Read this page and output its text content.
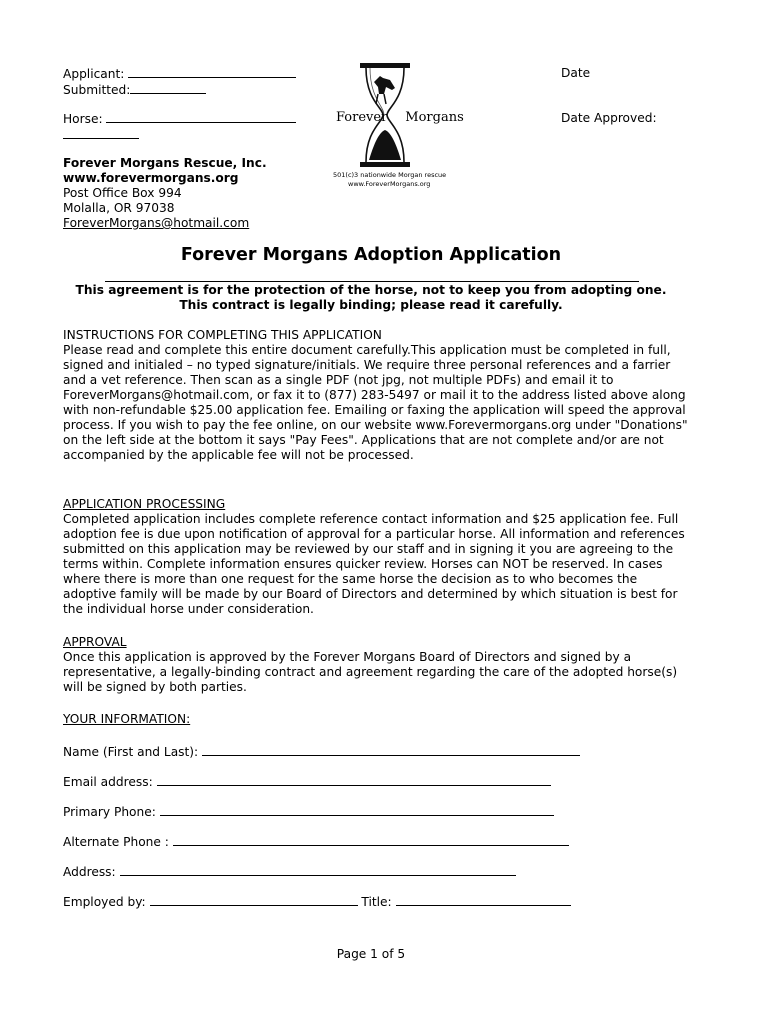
Applicant:
Submitted:
Horse:
Date
Date Approved:
Forever Morgans Rescue, Inc.
www.forevermorgans.org
Post Office Box 994
Molalla, OR 97038
ForeverMorgans@hotmail.com
Forever Morgans
501(c)3 nationwide Morgan rescue
www.ForeverMorgans.org
Forever Morgans Adoption Application
This agreement is for the protection of the horse, not to keep you from adopting one.
This contract is legally binding; please read it carefully.

INSTRUCTIONS FOR COMPLETING THIS APPLICATION

Please read and complete this entire document carefully.This application must be completed in full, signed and initialed – no typed signature/initials. We require three personal references and a farrier and a vet reference. Then scan as a single PDF (not jpg, not multiple PDFs) and email it to ForeverMorgans@hotmail.com, or fax it to (877) 283-5497 or mail it to the address listed above along with non-refundable $25.00 application fee. Emailing or faxing the application will speed the approval process. If you wish to pay the fee online, on our website www.Forevermorgans.org under "Donations" on the left side at the bottom it says "Pay Fees". Applications that are not complete and/or are not accompanied by the applicable fee will not be processed.

APPLICATION PROCESSING

Completed application includes complete reference contact information and $25 application fee. Full adoption fee is due upon notification of approval for a particular horse. All information and references submitted on this application may be reviewed by our staff and in signing it you are agreeing to the terms within. Complete information ensures quicker review. Horses can NOT be reserved. In cases where there is more than one request for the same horse the decision as to who becomes the adoptive family will be made by our Board of Directors and determined by which situation is best for the individual horse under consideration.

APPROVAL

Once this application is approved by the Forever Morgans Board of Directors and signed by a representative, a legally-binding contract and agreement regarding the care of the adopted horse(s) will be signed by both parties.

YOUR INFORMATION:
Name (First and Last):
Email address:
Primary Phone:
Alternate Phone :
Address:
Employed by:	Title:
Page 1 of 5
